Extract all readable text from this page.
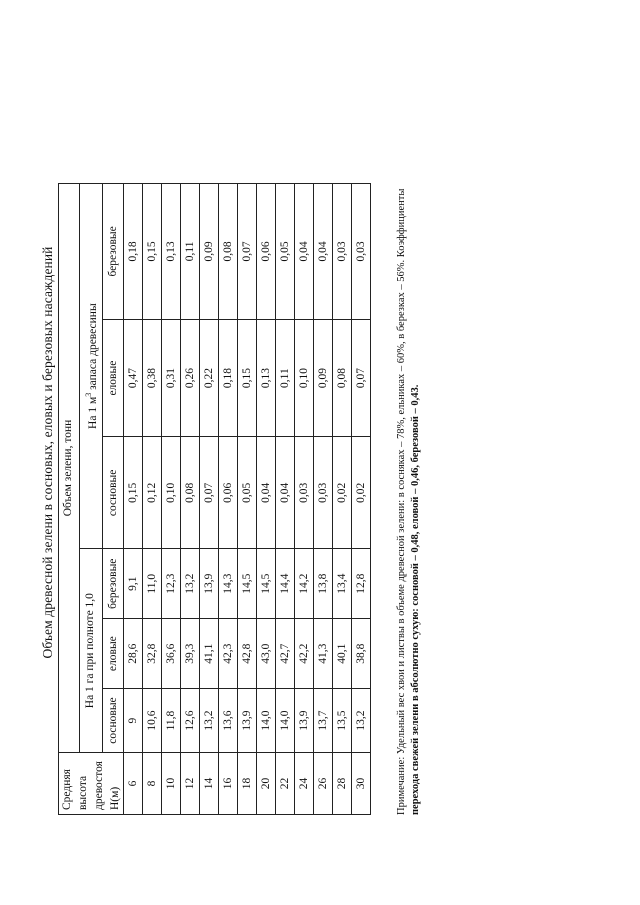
Объем древесной зелени в сосновых, еловых и березовых насаждений
Средняя высота древостоя H(м)	Объем зелени, тонн					
	На 1 га при полноте 1,0			На 1 $м^3$ запаса древесины		
	сосновые	еловые	березовые	сосновые	еловые	березовые
6	9	28,6	9,1	0,15	0,47	0,18
8	10,6	32,8	11,0	0,12	0,38	0,15
10	11,8	36,6	12,3	0,10	0,31	0,13
12	12,6	39,3	13,2	0,08	0,26	0,11
14	13,2	41,1	13,9	0,07	0,22	0,09
16	13,6	42,3	14,3	0,06	0,18	0,08
18	13,9	42,8	14,5	0,05	0,15	0,07
20	14,0	43,0	14,5	0,04	0,13	0,06
22	14,0	42,7	14,4	0,04	0,11	0,05
24	13,9	42,2	14,2	0,03	0,10	0,04
26	13,7	41,3	13,8	0,03	0,09	0,04
28	13,5	40,1	13,4	0,02	0,08	0,03
30	13,2	38,8	12,8	0,02	0,07	0,03	Примечание: Удельный вес хвои и листвы в объеме древесной зелени: в сосняках – 78%, ельниках – 60%, в березках – 56%. Коэффициенты перехода свежей зелени в абсолютно сухую: сосновой – 0,48, еловой – 0,46, березовой – 0,43.
